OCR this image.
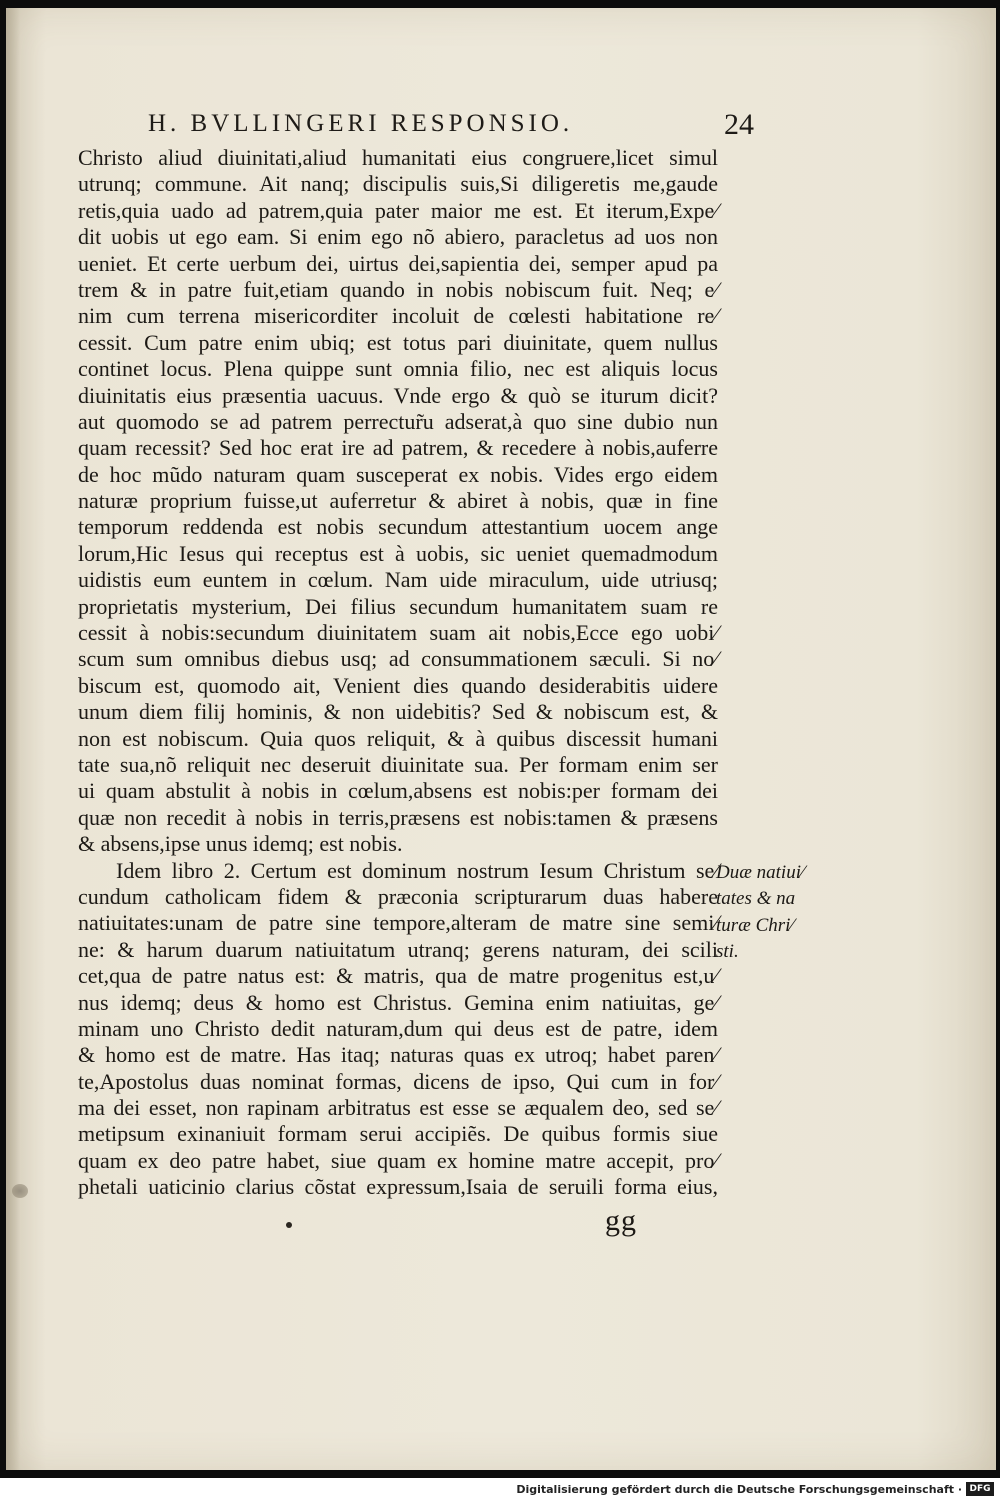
H. BVLLINGERI RESPONSIO.	24
Christo aliud diuinitati,aliud humanitati eius congruere,licet simul
utrunq; commune. Ait nanq; discipulis suis,Si diligeretis me,gaude
retis,quia uado ad patrem,quia pater maior me est. Et iterum,Expe⁄
dit uobis ut ego eam. Si enim ego nõ abiero, paracletus ad uos non
ueniet. Et certe uerbum dei, uirtus dei,sapientia dei, semper apud pa
trem & in patre fuit,etiam quando in nobis nobiscum fuit. Neq; e⁄
nim cum terrena misericorditer incoluit de cœlesti habitatione re⁄
cessit. Cum patre enim ubiq; est totus pari diuinitate, quem nullus
continet locus. Plena quippe sunt omnia filio, nec est aliquis locus
diuinitatis eius præsentia uacuus. Vnde ergo & quò se iturum dicit?
aut quomodo se ad patrem perrectur̃u adserat,à quo sine dubio nun
quam recessit? Sed hoc erat ire ad patrem, & recedere à nobis,auferre
de hoc mũdo naturam quam susceperat ex nobis. Vides ergo eidem
naturæ proprium fuisse,ut auferretur & abiret à nobis, quæ in fine
temporum reddenda est nobis secundum attestantium uocem ange
lorum,Hic Iesus qui receptus est à uobis, sic ueniet quemadmodum
uidistis eum euntem in cœlum. Nam uide miraculum, uide utriusq;
proprietatis mysterium, Dei filius secundum humanitatem suam re
cessit à nobis:secundum diuinitatem suam ait nobis,Ecce ego uobi⁄
scum sum omnibus diebus usq; ad consummationem sæculi. Si no⁄
biscum est, quomodo ait, Venient dies quando desiderabitis uidere
unum diem filij hominis, & non uidebitis? Sed & nobiscum est, &
non est nobiscum. Quia quos reliquit, & à quibus discessit humani
tate sua,nõ reliquit nec deseruit diuinitate sua. Per formam enim ser
ui quam abstulit à nobis in cœlum,absens est nobis:per formam dei
quæ non recedit à nobis in terris,præsens est nobis:tamen & præsens
& absens,ipse unus idemq; est nobis.
Idem libro 2. Certum est dominum nostrum Iesum Christum se⁄
cundum catholicam fidem & præconia scripturarum duas habere
natiuitates:unam de patre sine tempore,alteram de matre sine semi⁄
ne: & harum duarum natiuitatum utranq; gerens naturam, dei scili
cet,qua de patre natus est: & matris, qua de matre progenitus est,u⁄
nus idemq; deus & homo est Christus. Gemina enim natiuitas, ge⁄
minam uno Christo dedit naturam,dum qui deus est de patre, idem
& homo est de matre. Has itaq; naturas quas ex utroq; habet paren⁄
te,Apostolus duas nominat formas, dicens de ipso, Qui cum in for⁄
ma dei esset, non rapinam arbitratus est esse se æqualem deo, sed se⁄
metipsum exinaniuit formam serui accipiẽs. De quibus formis siue
quam ex deo patre habet, siue quam ex homine matre accepit, pro⁄
phetali uaticinio clarius cõstat expressum,Isaia de seruili forma eius,
Duæ natiui⁄
tates & na
turæ Chri⁄
sti.
gg
Digitalisierung gefördert durch die Deutsche Forschungsgemeinschaft · DFG
